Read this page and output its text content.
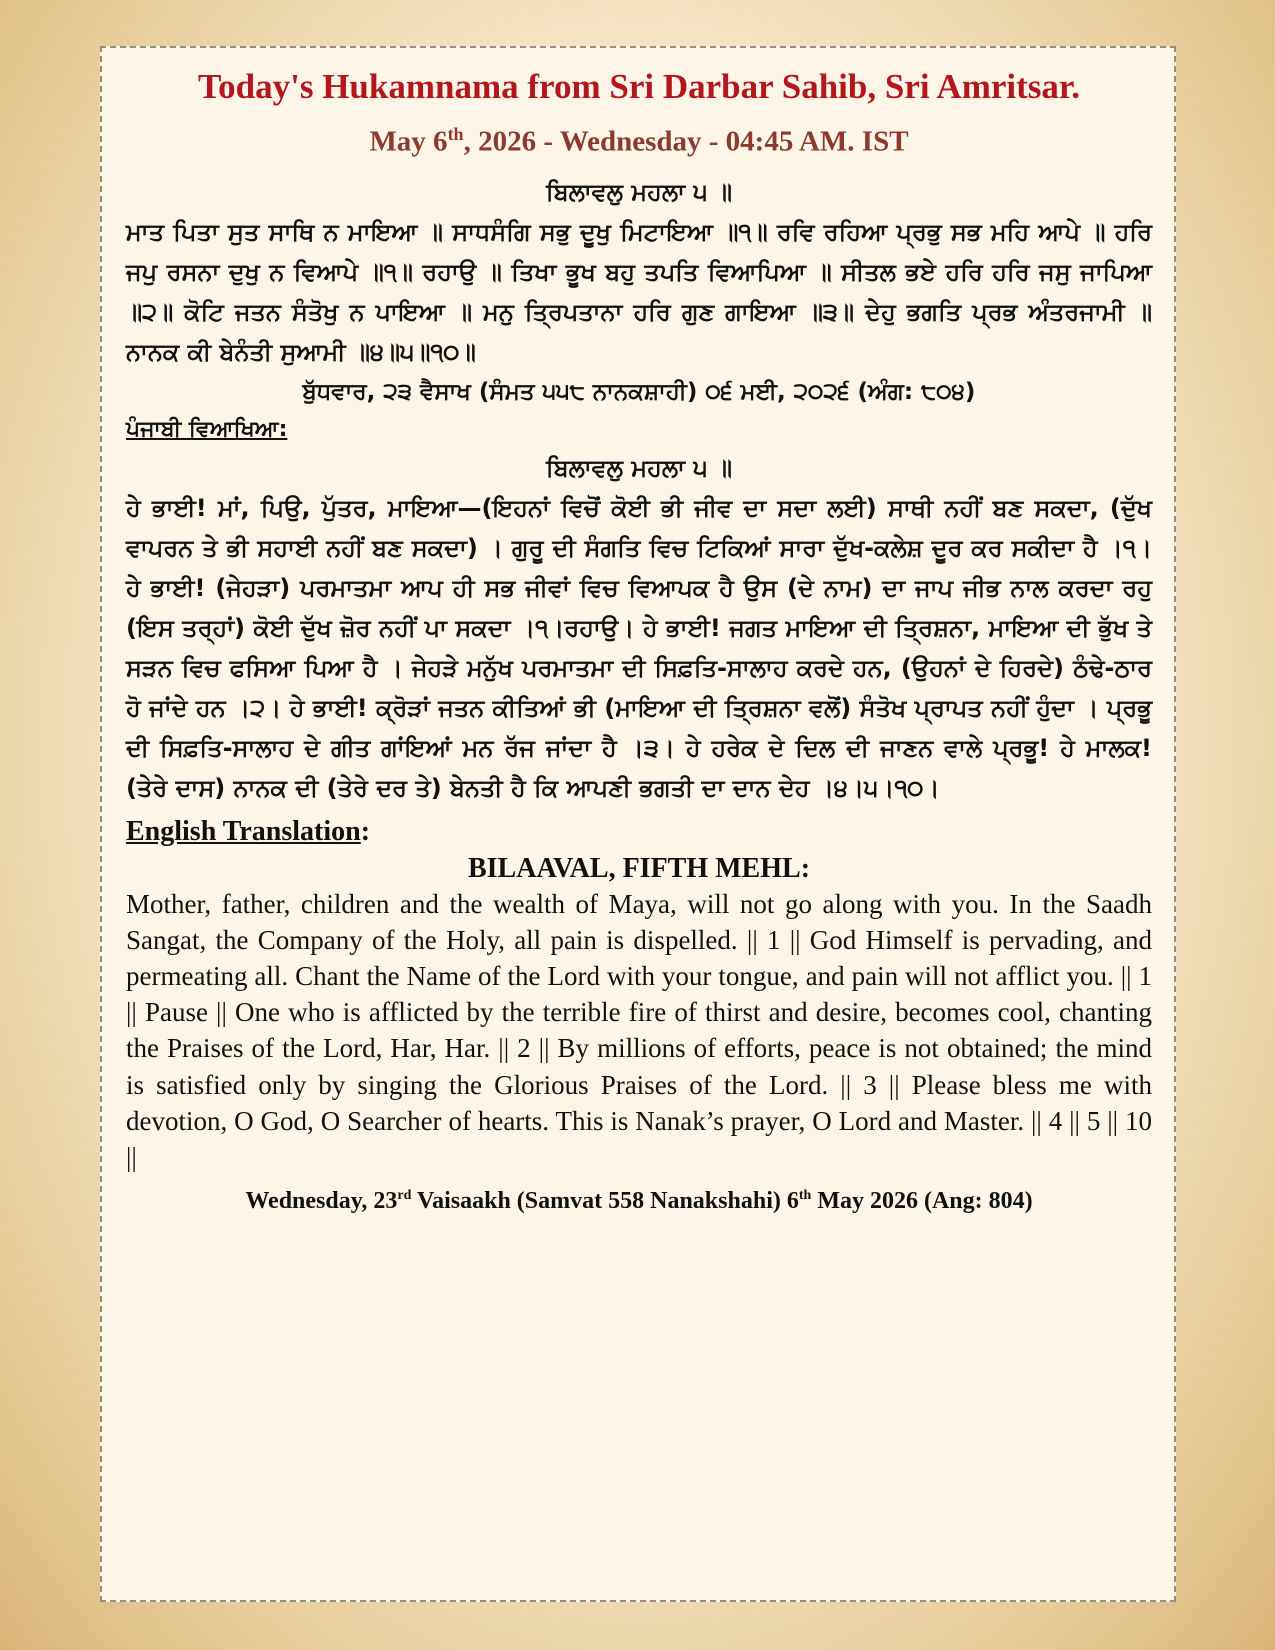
Today's Hukamnama from Sri Darbar Sahib, Sri Amritsar.

May 6th, 2026 - Wednesday - 04:45 AM. IST

ਬਿਲਾਵਲੁ ਮਹਲਾ ੫ ॥

ਮਾਤ ਪਿਤਾ ਸੁਤ ਸਾਥਿ ਨ ਮਾਇਆ ॥ ਸਾਧਸੰਗਿ ਸਭੁ ਦੂਖੁ ਮਿਟਾਇਆ ॥੧॥ ਰਵਿ ਰਹਿਆ ਪ੍ਰਭੁ ਸਭ ਮਹਿ ਆਪੇ ॥ ਹਰਿ ਜਪੁ ਰਸਨਾ ਦੁਖੁ ਨ ਵਿਆਪੇ ॥੧॥ ਰਹਾਉ ॥ ਤਿਖਾ ਭੂਖ ਬਹੁ ਤਪਤਿ ਵਿਆਪਿਆ ॥ ਸੀਤਲ ਭਏ ਹਰਿ ਹਰਿ ਜਸੁ ਜਾਪਿਆ ॥੨॥ ਕੋਟਿ ਜਤਨ ਸੰਤੋਖੁ ਨ ਪਾਇਆ ॥ ਮਨੁ ਤ੍ਰਿਪਤਾਨਾ ਹਰਿ ਗੁਣ ਗਾਇਆ ॥੩॥ ਦੇਹੁ ਭਗਤਿ ਪ੍ਰਭ ਅੰਤਰਜਾਮੀ ॥ ਨਾਨਕ ਕੀ ਬੇਨੰਤੀ ਸੁਆਮੀ ॥੪॥੫॥੧੦॥

ਬੁੱਧਵਾਰ, ੨੩ ਵੈਸਾਖ (ਸੰਮਤ ੫੫੮ ਨਾਨਕਸ਼ਾਹੀ) ੦੬ ਮਈ, ੨੦੨੬ (ਅੰਗ: ੮੦੪)

ਪੰਜਾਬੀ ਵਿਆਖਿਆ:

ਬਿਲਾਵਲੁ ਮਹਲਾ ੫ ॥

ਹੇ ਭਾਈ! ਮਾਂ, ਪਿਉ, ਪੁੱਤਰ, ਮਾਇਆ—(ਇਹਨਾਂ ਵਿਚੋਂ ਕੋਈ ਭੀ ਜੀਵ ਦਾ ਸਦਾ ਲਈ) ਸਾਥੀ ਨਹੀਂ ਬਣ ਸਕਦਾ, (ਦੁੱਖ ਵਾਪਰਨ ਤੇ ਭੀ ਸਹਾਈ ਨਹੀਂ ਬਣ ਸਕਦਾ) । ਗੁਰੂ ਦੀ ਸੰਗਤਿ ਵਿਚ ਟਿਕਿਆਂ ਸਾਰਾ ਦੁੱਖ-ਕਲੇਸ਼ ਦੂਰ ਕਰ ਸਕੀਦਾ ਹੈ ।੧।ਹੇ ਭਾਈ! (ਜੇਹੜਾ) ਪਰਮਾਤਮਾ ਆਪ ਹੀ ਸਭ ਜੀਵਾਂ ਵਿਚ ਵਿਆਪਕ ਹੈ ਉਸ (ਦੇ ਨਾਮ) ਦਾ ਜਾਪ ਜੀਭ ਨਾਲ ਕਰਦਾ ਰਹੁ (ਇਸ ਤਰ੍ਹਾਂ) ਕੋਈ ਦੁੱਖ ਜ਼ੋਰ ਨਹੀਂ ਪਾ ਸਕਦਾ ।੧।ਰਹਾਉ। ਹੇ ਭਾਈ! ਜਗਤ ਮਾਇਆ ਦੀ ਤ੍ਰਿਸ਼ਨਾ, ਮਾਇਆ ਦੀ ਭੁੱਖ ਤੇ ਸੜਨ ਵਿਚ ਫਸਿਆ ਪਿਆ ਹੈ । ਜੇਹੜੇ ਮਨੁੱਖ ਪਰਮਾਤਮਾ ਦੀ ਸਿਫ਼ਤਿ-ਸਾਲਾਹ ਕਰਦੇ ਹਨ, (ਉਹਨਾਂ ਦੇ ਹਿਰਦੇ) ਠੰਢੇ-ਠਾਰ ਹੋ ਜਾਂਦੇ ਹਨ ।੨। ਹੇ ਭਾਈ! ਕ੍ਰੋੜਾਂ ਜਤਨ ਕੀਤਿਆਂ ਭੀ (ਮਾਇਆ ਦੀ ਤ੍ਰਿਸ਼ਨਾ ਵਲੋਂ) ਸੰਤੋਖ ਪ੍ਰਾਪਤ ਨਹੀਂ ਹੁੰਦਾ । ਪ੍ਰਭੂ ਦੀ ਸਿਫ਼ਤਿ-ਸਾਲਾਹ ਦੇ ਗੀਤ ਗਾਂਇਆਂ ਮਨ ਰੱਜ ਜਾਂਦਾ ਹੈ ।੩। ਹੇ ਹਰੇਕ ਦੇ ਦਿਲ ਦੀ ਜਾਣਨ ਵਾਲੇ ਪ੍ਰਭੂ! ਹੇ ਮਾਲਕ! (ਤੇਰੇ ਦਾਸ) ਨਾਨਕ ਦੀ (ਤੇਰੇ ਦਰ ਤੇ) ਬੇਨਤੀ ਹੈ ਕਿ ਆਪਣੀ ਭਗਤੀ ਦਾ ਦਾਨ ਦੇਹ ।੪।੫।੧੦।

English Translation:

BILAAVAL, FIFTH MEHL:

Mother, father, children and the wealth of Maya, will not go along with you. In the Saadh Sangat, the Company of the Holy, all pain is dispelled. || 1 || God Himself is pervading, and permeating all. Chant the Name of the Lord with your tongue, and pain will not afflict you. || 1 || Pause || One who is afflicted by the terrible fire of thirst and desire, becomes cool, chanting the Praises of the Lord, Har, Har. || 2 || By millions of efforts, peace is not obtained; the mind is satisfied only by singing the Glorious Praises of the Lord. || 3 || Please bless me with devotion, O God, O Searcher of hearts. This is Nanak’s prayer, O Lord and Master. || 4 || 5 || 10 ||

Wednesday, 23rd Vaisaakh (Samvat 558 Nanakshahi) 6th May 2026 (Ang: 804)
